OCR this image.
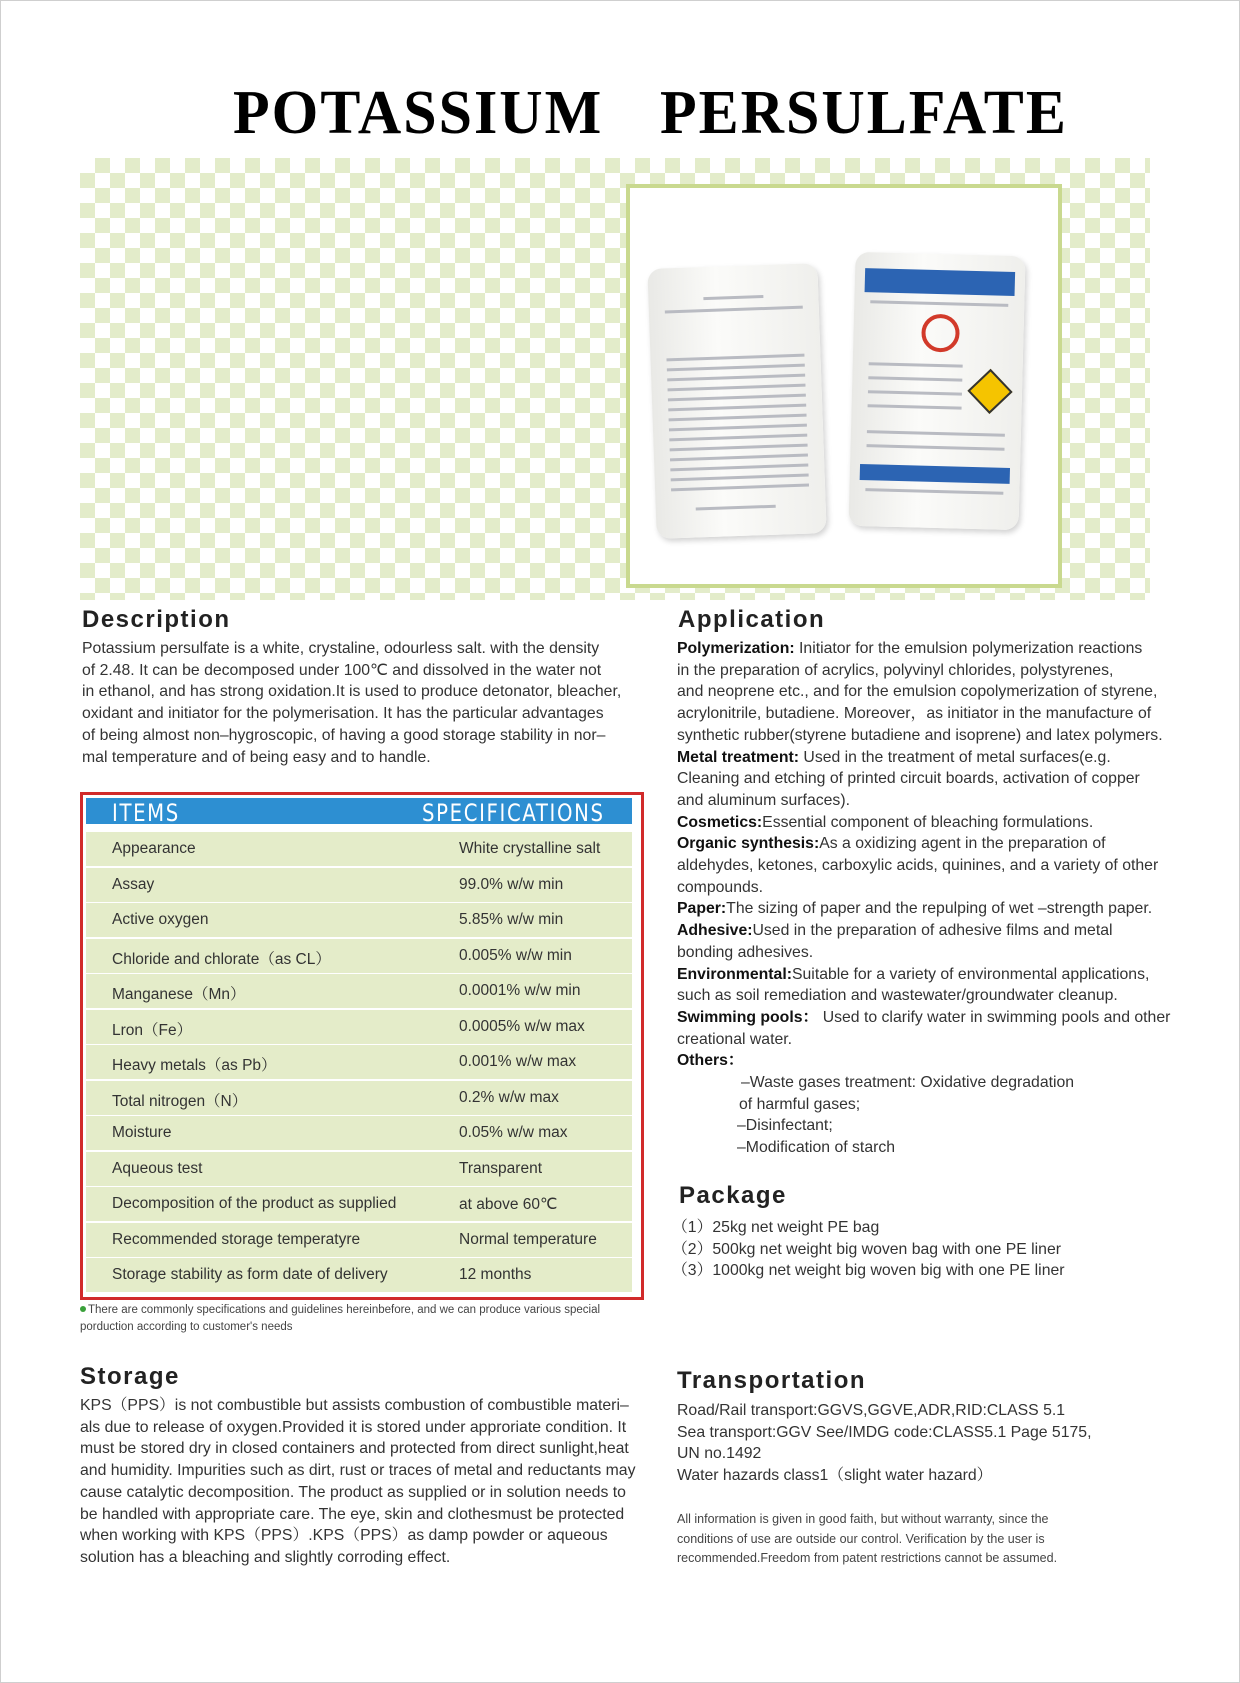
POTASSIUM PERSULFATE
Description

Potassium persulfate is a white, crystaline, odourless salt. with the density

of 2.48. It can be decomposed under 100℃ and dissolved in the water not

in ethanol, and has strong oxidation.It is used to produce detonator, bleacher,

oxidant and initiator for the polymerisation. It has the particular advantages

of being almost non–hygroscopic, of having a good storage stability in nor–

mal temperature and of being easy and to handle.

ITEMS	SPECIFICATIONS
Appearance	White crystalline salt
Assay	99.0% w/w min
Active oxygen	5.85% w/w min
Chloride and chlorate（as CL）	0.005% w/w min
Manganese（Mn）	0.0001% w/w min
Lron（Fe）	0.0005% w/w max
Heavy metals（as Pb）	0.001% w/w max
Total nitrogen（N）	0.2% w/w max
Moisture	0.05% w/w max
Aqueous test	Transparent
Decomposition of the product as supplied	at above 60℃
Recommended storage temperatyre	Normal temperature
Storage stability as form date of delivery	12 months
There are commonly specifications and guidelines hereinbefore, and we can produce various special
porduction according to customer's needs
Storage

KPS（PPS）is not combustible but assists combustion of combustible materi–

als due to release of oxygen.Provided it is stored under approriate condition. It

must be stored dry in closed containers and protected from direct sunlight,heat

and humidity. Impurities such as dirt, rust or traces of metal and reductants may

cause catalytic decomposition. The product as supplied or in solution needs to

be handled with appropriate care. The eye, skin and clothesmust be protected

when working with KPS（PPS）.KPS（PPS）as damp powder or aqueous

solution has a bleaching and slightly corroding effect.

Application

Polymerization: Initiator for the emulsion polymerization reactions

in the preparation of acrylics, polyvinyl chlorides, polystyrenes,

and neoprene etc., and for the emulsion copolymerization of styrene,

acrylonitrile, butadiene. Moreover，as initiator in the manufacture of

synthetic rubber(styrene butadiene and isoprene) and latex polymers.

Metal treatment: Used in the treatment of metal surfaces(e.g.

Cleaning and etching of printed circuit boards, activation of copper

and aluminum surfaces).

Cosmetics:Essential component of bleaching formulations.

Organic synthesis:As a oxidizing agent in the preparation of

aldehydes, ketones, carboxylic acids, quinines, and a variety of other

compounds.

Paper:The sizing of paper and the repulping of wet –strength paper.

Adhesive:Used in the preparation of adhesive films and metal

bonding adhesives.

Environmental:Suitable for a variety of environmental applications,

such as soil remediation and wastewater/groundwater cleanup.

Swimming pools： Used to clarify water in swimming pools and other

creational water.

Others：

–Waste gases treatment: Oxidative degradation

of harmful gases;

–Disinfectant;

–Modification of starch

Package

（1）25kg net weight PE bag

（2）500kg net weight big woven bag with one PE liner

（3）1000kg net weight big woven big with one PE liner

Transportation

Road/Rail transport:GGVS,GGVE,ADR,RID:CLASS 5.1

Sea transport:GGV See/IMDG code:CLASS5.1 Page 5175,

UN no.1492

Water hazards class1（slight water hazard）

All information is given in good faith, but without warranty, since the
conditions of use are outside our control. Verification by the user is
recommended.Freedom from patent restrictions cannot be assumed.
